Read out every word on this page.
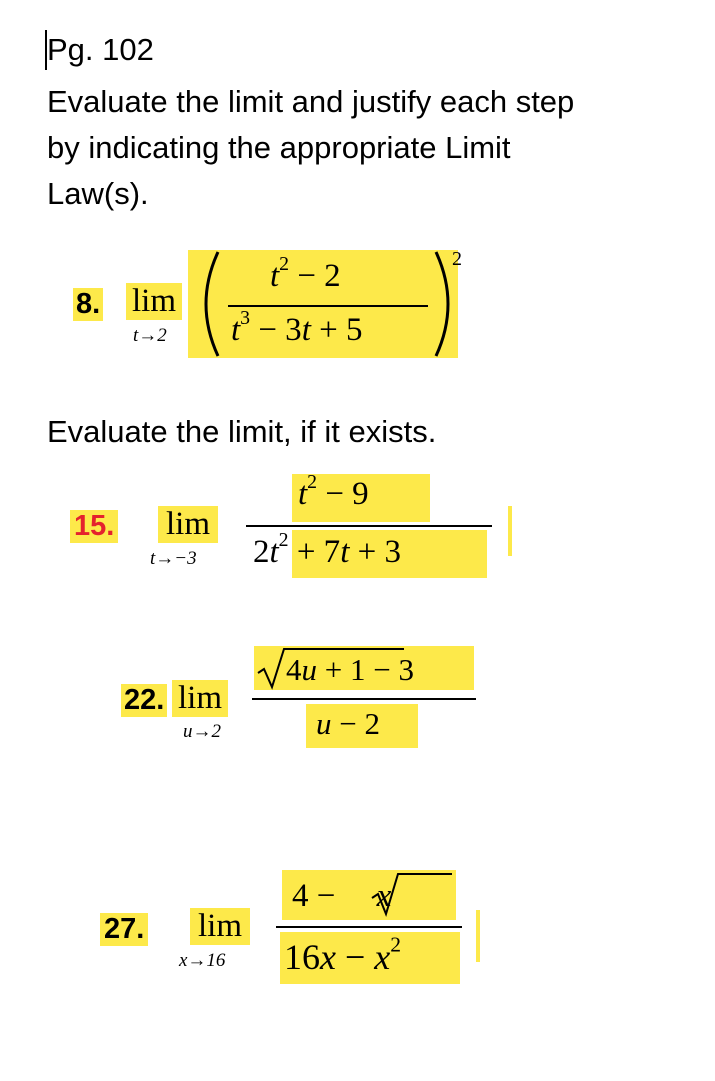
Pg. 102
Evaluate the limit and justify each step
by indicating the appropriate Limit
Law(s).
8. lim
t→2
2
$t^2 - 2$
$t^3 - 3t + 5$
Evaluate the limit, if it exists.
15. lim
t→−3
$t^2 - 9$
$2t^2 + 7t + 3$
22. lim
u→2
4u + 1 − 3
u − 2
27. lim
x→16
4 −     x
$16x - x^2$
